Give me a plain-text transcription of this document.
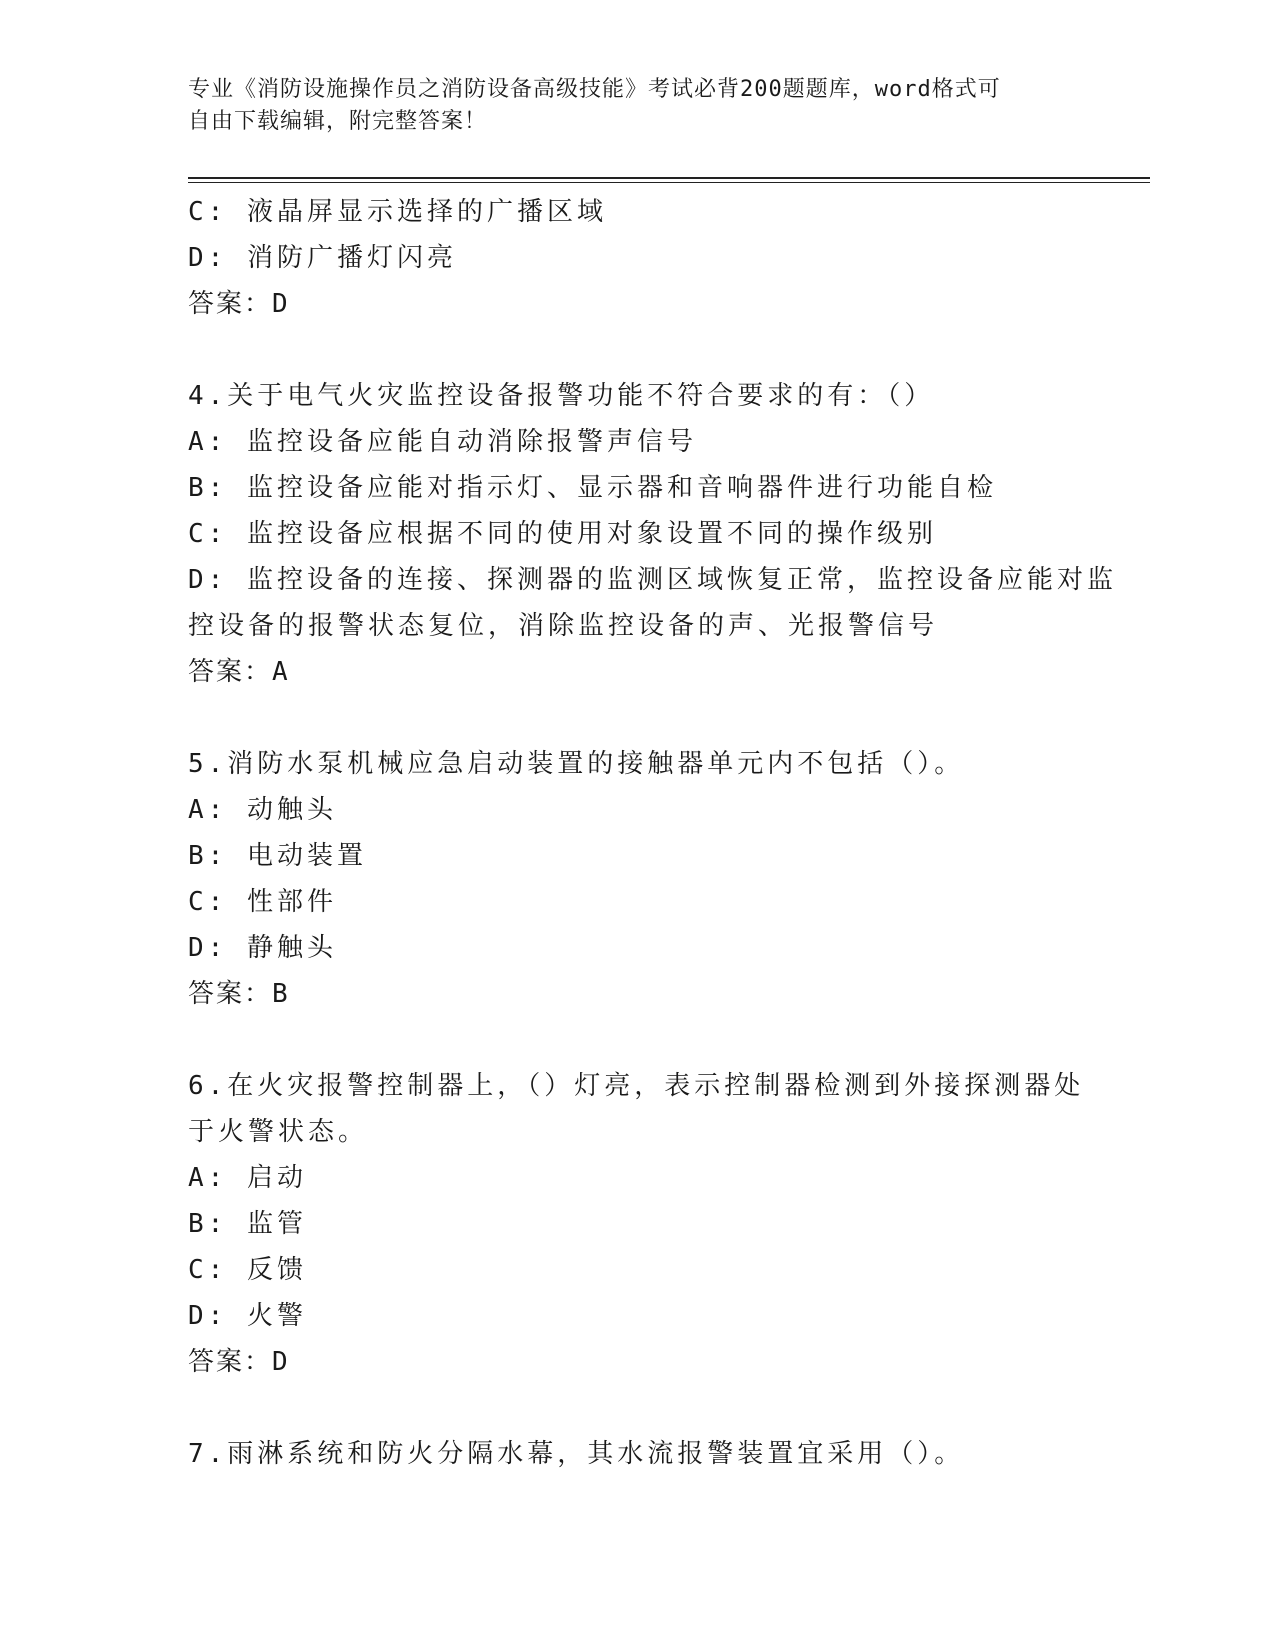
专业《消防设施操作员之消防设备高级技能》考试必背200题题库，word格式可
自由下载编辑，附完整答案！
C: 液晶屏显示选择的广播区域
D: 消防广播灯闪亮
答案：D
4.关于电气火灾监控设备报警功能不符合要求的有：（）
A: 监控设备应能自动消除报警声信号
B: 监控设备应能对指示灯、显示器和音响器件进行功能自检
C: 监控设备应根据不同的使用对象设置不同的操作级别
D: 监控设备的连接、探测器的监测区域恢复正常，监控设备应能对监
控设备的报警状态复位，消除监控设备的声、光报警信号
答案：A
5.消防水泵机械应急启动装置的接触器单元内不包括（）。
A: 动触头
B: 电动装置
C: 性部件
D: 静触头
答案：B
6.在火灾报警控制器上，（）灯亮，表示控制器检测到外接探测器处
于火警状态。
A: 启动
B: 监管
C: 反馈
D: 火警
答案：D
7.雨淋系统和防火分隔水幕，其水流报警装置宜采用（）。
